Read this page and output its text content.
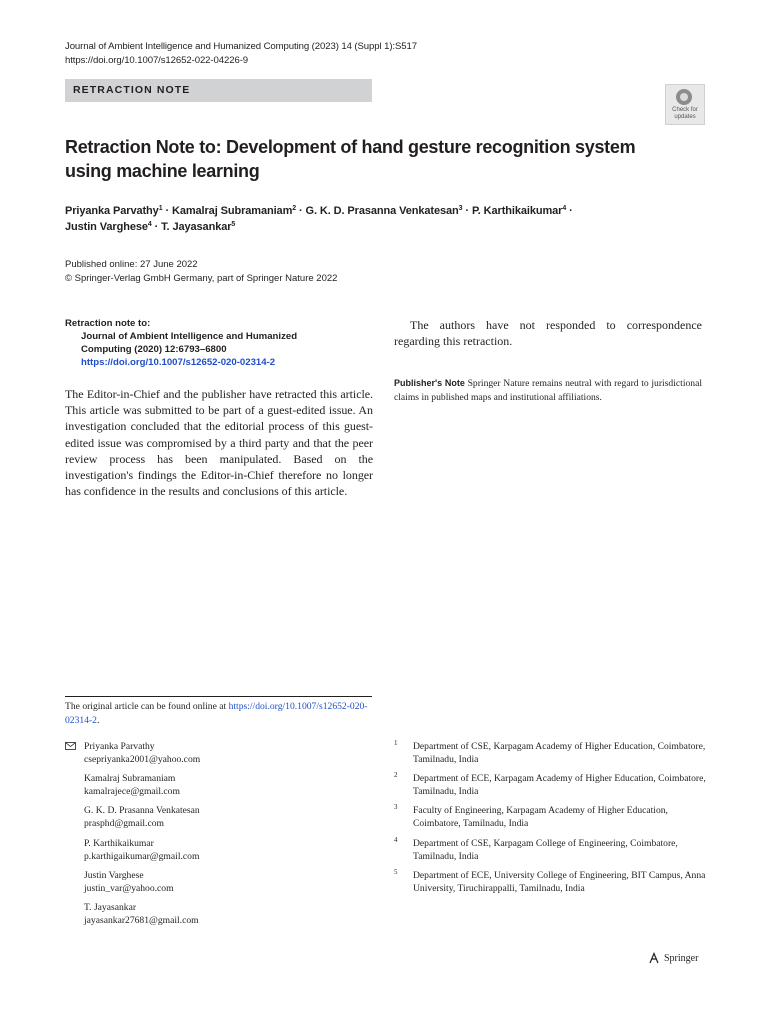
Journal of Ambient Intelligence and Humanized Computing (2023) 14 (Suppl 1):S517
https://doi.org/10.1007/s12652-022-04226-9
RETRACTION NOTE
Check for
updates
Retraction Note to: Development of hand gesture recognition system using machine learning
Priyanka Parvathy$^1$ · Kamalraj Subramaniam$^2$ · G. K. D. Prasanna Venkatesan$^3$ · P. Karthikaikumar$^4$ ·
Justin Varghese$^4$ · T. Jayasankar$^5$
Published online: 27 June 2022
© Springer-Verlag GmbH Germany, part of Springer Nature 2022
Retraction note to:
Journal of Ambient Intelligence and Humanized
Computing (2020) 12:6793–6800
https://doi.org/10.1007/s12652-020-02314-2
The Editor-in-Chief and the publisher have retracted this article. This article was submitted to be part of a guest-edited issue. An investigation concluded that the editorial process of this guest-edited issue was compromised by a third party and that the peer review process has been manipulated. Based on the investigation's findings the Editor-in-Chief therefore no longer has confidence in the results and conclusions of this article.
The authors have not responded to correspondence regarding this retraction.
Publisher's Note Springer Nature remains neutral with regard to jurisdictional claims in published maps and institutional affiliations.
The original article can be found online at https://doi.org/10.1007/s12652-020-02314-2.
Priyanka Parvathy
csepriyanka2001@yahoo.com
Kamalraj Subramaniam
kamalrajece@gmail.com
G. K. D. Prasanna Venkatesan
prasphd@gmail.com
P. Karthikaikumar
p.karthigaikumar@gmail.com
Justin Varghese
justin_var@yahoo.com
T. Jayasankar
jayasankar27681@gmail.com
1 Department of CSE, Karpagam Academy of Higher Education, Coimbatore, Tamilnadu, India
2 Department of ECE, Karpagam Academy of Higher Education, Coimbatore, Tamilnadu, India
3 Faculty of Engineering, Karpagam Academy of Higher Education, Coimbatore, Tamilnadu, India
4 Department of CSE, Karpagam College of Engineering, Coimbatore, Tamilnadu, India
5 Department of ECE, University College of Engineering, BIT Campus, Anna University, Tiruchirappalli, Tamilnadu, India
Springer
